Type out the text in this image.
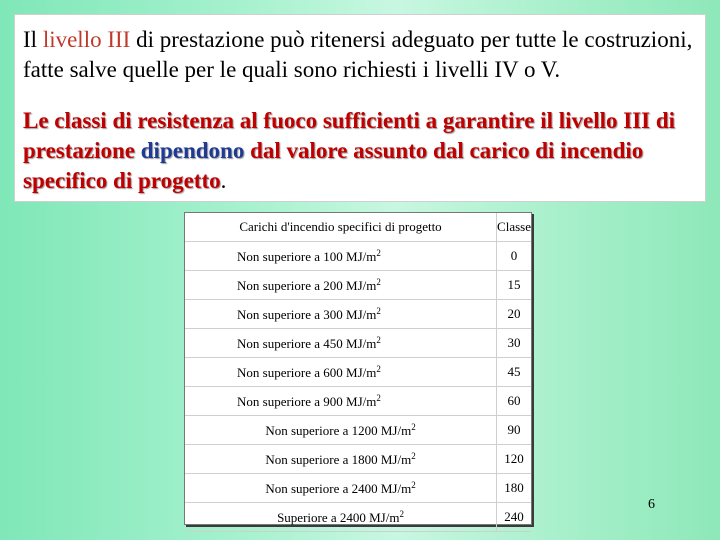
Il livello III di prestazione può ritenersi adeguato per tutte le costruzioni, fatte salve quelle per le quali sono richiesti i livelli IV o V.

Le classi di resistenza al fuoco sufficienti a garantire il livello III di prestazione dipendono dal valore assunto dal carico di incendio specifico di progetto.

Carichi d'incendio specifici di progetto	Classe
Non superiore a 100 $MJ/m^2$	0
Non superiore a 200 $MJ/m^2$	15
Non superiore a 300 $MJ/m^2$	20
Non superiore a 450 $MJ/m^2$	30
Non superiore a 600 $MJ/m^2$	45
Non superiore a 900 $MJ/m^2$	60
Non superiore a 1200 $MJ/m^2$	90
Non superiore a 1800 $MJ/m^2$	120
Non superiore a 2400 $MJ/m^2$	180
Superiore a 2400 $MJ/m^2$	240
6
